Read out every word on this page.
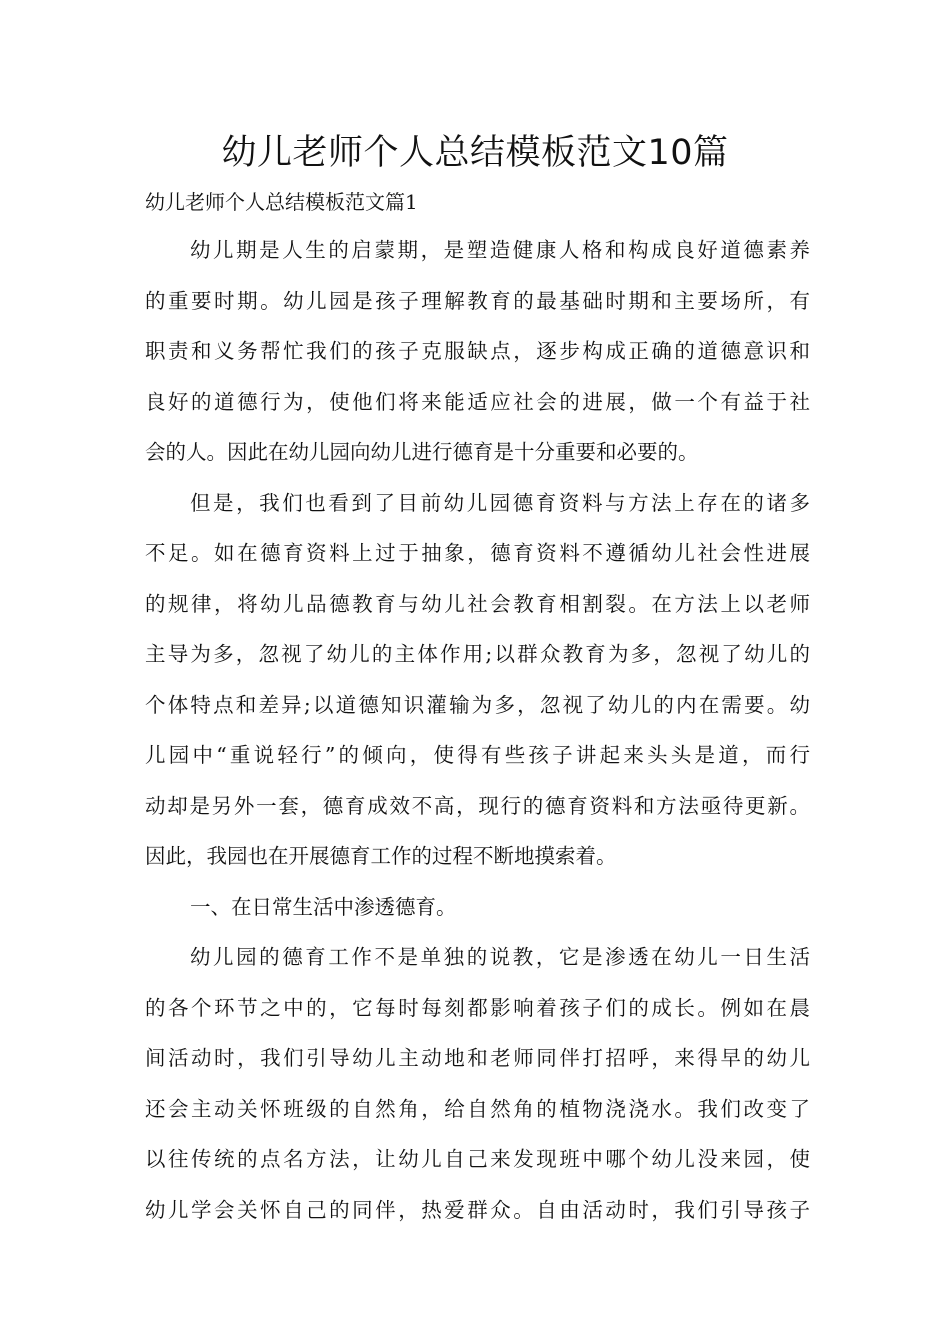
幼儿老师个人总结模板范文10篇

幼儿老师个人总结模板范文篇1

幼儿期是人生的启蒙期，是塑造健康人格和构成良好道德素养
的重要时期。幼儿园是孩子理解教育的最基础时期和主要场所，有
职责和义务帮忙我们的孩子克服缺点，逐步构成正确的道德意识和
良好的道德行为，使他们将来能适应社会的进展，做一个有益于社
会的人。因此在幼儿园向幼儿进行德育是十分重要和必要的。
但是，我们也看到了目前幼儿园德育资料与方法上存在的诸多
不足。如在德育资料上过于抽象，德育资料不遵循幼儿社会性进展
的规律，将幼儿品德教育与幼儿社会教育相割裂。在方法上以老师
主导为多，忽视了幼儿的主体作用;以群众教育为多，忽视了幼儿的
个体特点和差异;以道德知识灌输为多，忽视了幼儿的内在需要。幼
儿园中“重说轻行”的倾向，使得有些孩子讲起来头头是道，而行
动却是另外一套，德育成效不高，现行的德育资料和方法亟待更新。
因此，我园也在开展德育工作的过程不断地摸索着。
一、在日常生活中渗透德育。
幼儿园的德育工作不是单独的说教，它是渗透在幼儿一日生活
的各个环节之中的，它每时每刻都影响着孩子们的成长。例如在晨
间活动时，我们引导幼儿主动地和老师同伴打招呼，来得早的幼儿
还会主动关怀班级的自然角，给自然角的植物浇浇水。我们改变了
以往传统的点名方法，让幼儿自己来发现班中哪个幼儿没来园，使
幼儿学会关怀自己的同伴，热爱群众。自由活动时，我们引导孩子
